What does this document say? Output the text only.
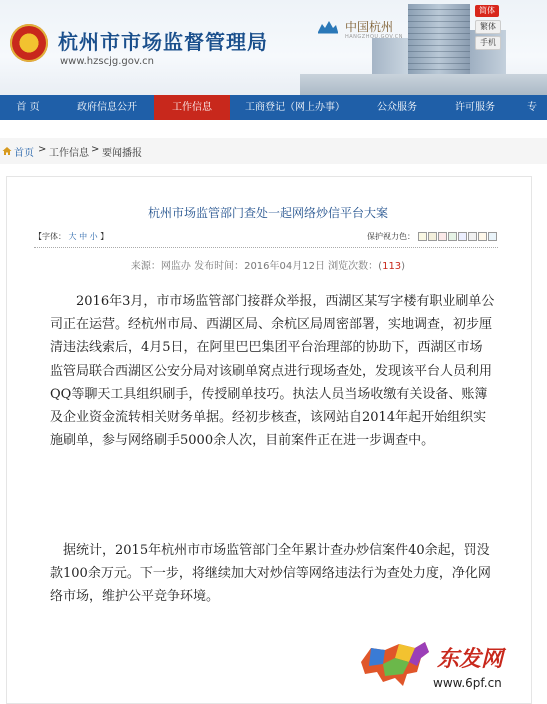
杭州市市场监督管理局
www.hzscjg.gov.cn
中国杭州
HANGZHOU.GOV.CN
简体
繁体
手机
首 页	政府信息公开	工作信息	工商登记（网上办事）	公众服务	许可服务	专
首页 > 工作信息 > 要闻播报
杭州市场监管部门查处一起网络炒信平台大案
【字体： 大 中 小 】	保护视力色：
来源：网监办 发布时间：2016年04月12日 浏览次数：(113)
2016年3月，市市场监管部门接群众举报，西湖区某写字楼有职业刷单公司正在运营。经杭州市局、西湖区局、余杭区局周密部署，实地调查，初步厘清违法线索后，4月5日，在阿里巴巴集团平台治理部的协助下，西湖区市场监管局联合西湖区公安分局对该刷单窝点进行现场查处，发现该平台人员利用QQ等聊天工具组织刷手，传授刷单技巧。执法人员当场收缴有关设备、账簿及企业资金流转相关财务单据。经初步核查，该网站自2014年起开始组织实施刷单，参与网络刷手5000余人次，目前案件正在进一步调查中。
据统计，2015年杭州市市场监管部门全年累计查办炒信案件40余起，罚没款100余万元。下一步，将继续加大对炒信等网络违法行为查处力度，净化网络市场，维护公平竞争环境。
东发网
www.6pf.cn
